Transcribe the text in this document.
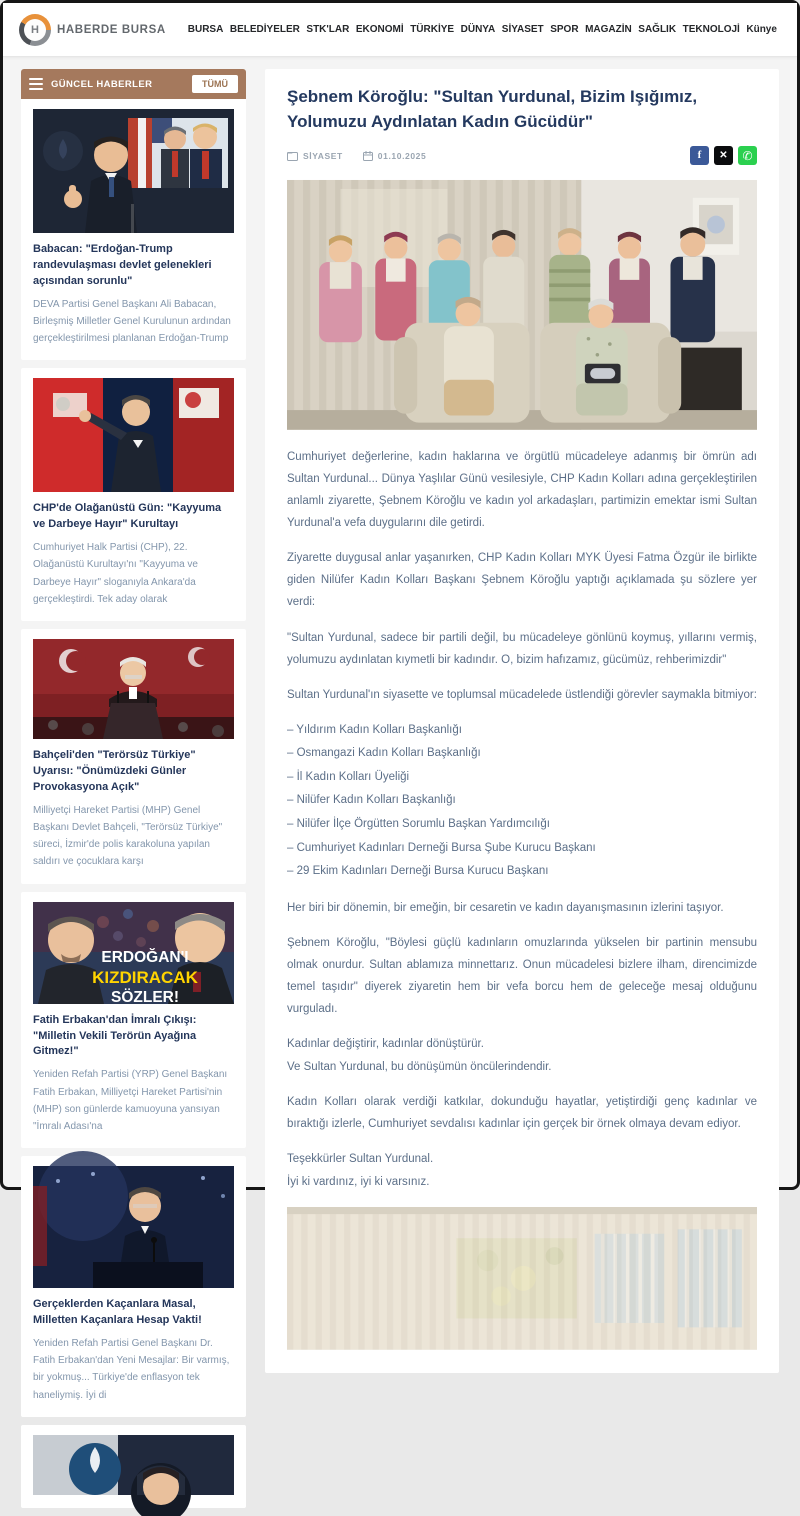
H	HABERDE BURSA BURSA BELEDİYELER STK'LAR EKONOMİ TÜRKİYE DÜNYA SİYASET SPOR MAGAZİN SAĞLIK TEKNOLOJİ Künye
GÜNCEL HABERLER	TÜMÜ
Babacan: "Erdoğan-Trump randevulaşması devlet gelenekleri açısından sorunlu"

DEVA Partisi Genel Başkanı Ali Babacan, Birleşmiş Milletler Genel Kurulunun ardından gerçekleştirilmesi planlanan Erdoğan-Trump

CHP'de Olağanüstü Gün: "Kayyuma ve Darbeye Hayır" Kurultayı

Cumhuriyet Halk Partisi (CHP), 22. Olağanüstü Kurultayı'nı "Kayyuma ve Darbeye Hayır" sloganıyla Ankara'da gerçekleştirdi. Tek aday olarak

Bahçeli'den "Terörsüz Türkiye" Uyarısı: "Önümüzdeki Günler Provokasyona Açık"

Milliyetçi Hareket Partisi (MHP) Genel Başkanı Devlet Bahçeli, "Terörsüz Türkiye" süreci, İzmir'de polis karakoluna yapılan saldırı ve çocuklara karşı

ERDOĞAN'I
KIZDIRACAK
SÖZLER!
Fatih Erbakan'dan İmralı Çıkışı: "Milletin Vekili Terörün Ayağına Gitmez!"

Yeniden Refah Partisi (YRP) Genel Başkanı Fatih Erbakan, Milliyetçi Hareket Partisi'nin (MHP) son günlerde kamuoyuna yansıyan "İmralı Adası'na

Gerçeklerden Kaçanlara Masal, Milletten Kaçanlara Hesap Vakti!

Yeniden Refah Partisi Genel Başkanı Dr. Fatih Erbakan'dan Yeni Mesajlar: Bir varmış, bir yokmuş... Türkiye'de enflasyon tek haneliymiş. İyi di

Şebnem Köroğlu: "Sultan Yurdunal, Bizim Işığımız, Yolumuzu Aydınlatan Kadın Gücüdür"
SİYASET	01.10.2025	f	✕	✆

Cumhuriyet değerlerine, kadın haklarına ve örgütlü mücadeleye adanmış bir ömrün adı Sultan Yurdunal... Dünya Yaşlılar Günü vesilesiyle, CHP Kadın Kolları adına gerçekleştirilen anlamlı ziyarette, Şebnem Köroğlu ve kadın yol arkadaşları, partimizin emektar ismi Sultan Yurdunal'a vefa duygularını dile getirdi.

Ziyarette duygusal anlar yaşanırken, CHP Kadın Kolları MYK Üyesi Fatma Özgür ile birlikte giden Nilüfer Kadın Kolları Başkanı Şebnem Köroğlu yaptığı açıklamada şu sözlere yer verdi:

"Sultan Yurdunal, sadece bir partili değil, bu mücadeleye gönlünü koymuş, yıllarını vermiş, yolumuzu aydınlatan kıymetli bir kadındır. O, bizim hafızamız, gücümüz, rehberimizdir"

Sultan Yurdunal'ın siyasette ve toplumsal mücadelede üstlendiği görevler saymakla bitmiyor:

– Yıldırım Kadın Kolları Başkanlığı
– Osmangazi Kadın Kolları Başkanlığı
– İl Kadın Kolları Üyeliği
– Nilüfer Kadın Kolları Başkanlığı
– Nilüfer İlçe Örgütten Sorumlu Başkan Yardımcılığı
– Cumhuriyet Kadınları Derneği Bursa Şube Kurucu Başkanı
– 29 Ekim Kadınları Derneği Bursa Kurucu Başkanı

Her biri bir dönemin, bir emeğin, bir cesaretin ve kadın dayanışmasının izlerini taşıyor.

Şebnem Köroğlu, "Böylesi güçlü kadınların omuzlarında yükselen bir partinin mensubu olmak onurdur. Sultan ablamıza minnettarız. Onun mücadelesi bizlere ilham, direncimizde temel taşıdır" diyerek ziyaretin hem bir vefa borcu hem de geleceğe mesaj olduğunu vurguladı.

Kadınlar değiştirir, kadınlar dönüştürür.

Ve Sultan Yurdunal, bu dönüşümün öncülerindendir.

Kadın Kolları olarak verdiği katkılar, dokunduğu hayatlar, yetiştirdiği genç kadınlar ve bıraktığı izlerle, Cumhuriyet sevdalısı kadınlar için gerçek bir örnek olmaya devam ediyor.

Teşekkürler Sultan Yurdunal.

İyi ki vardınız, iyi ki varsınız.
